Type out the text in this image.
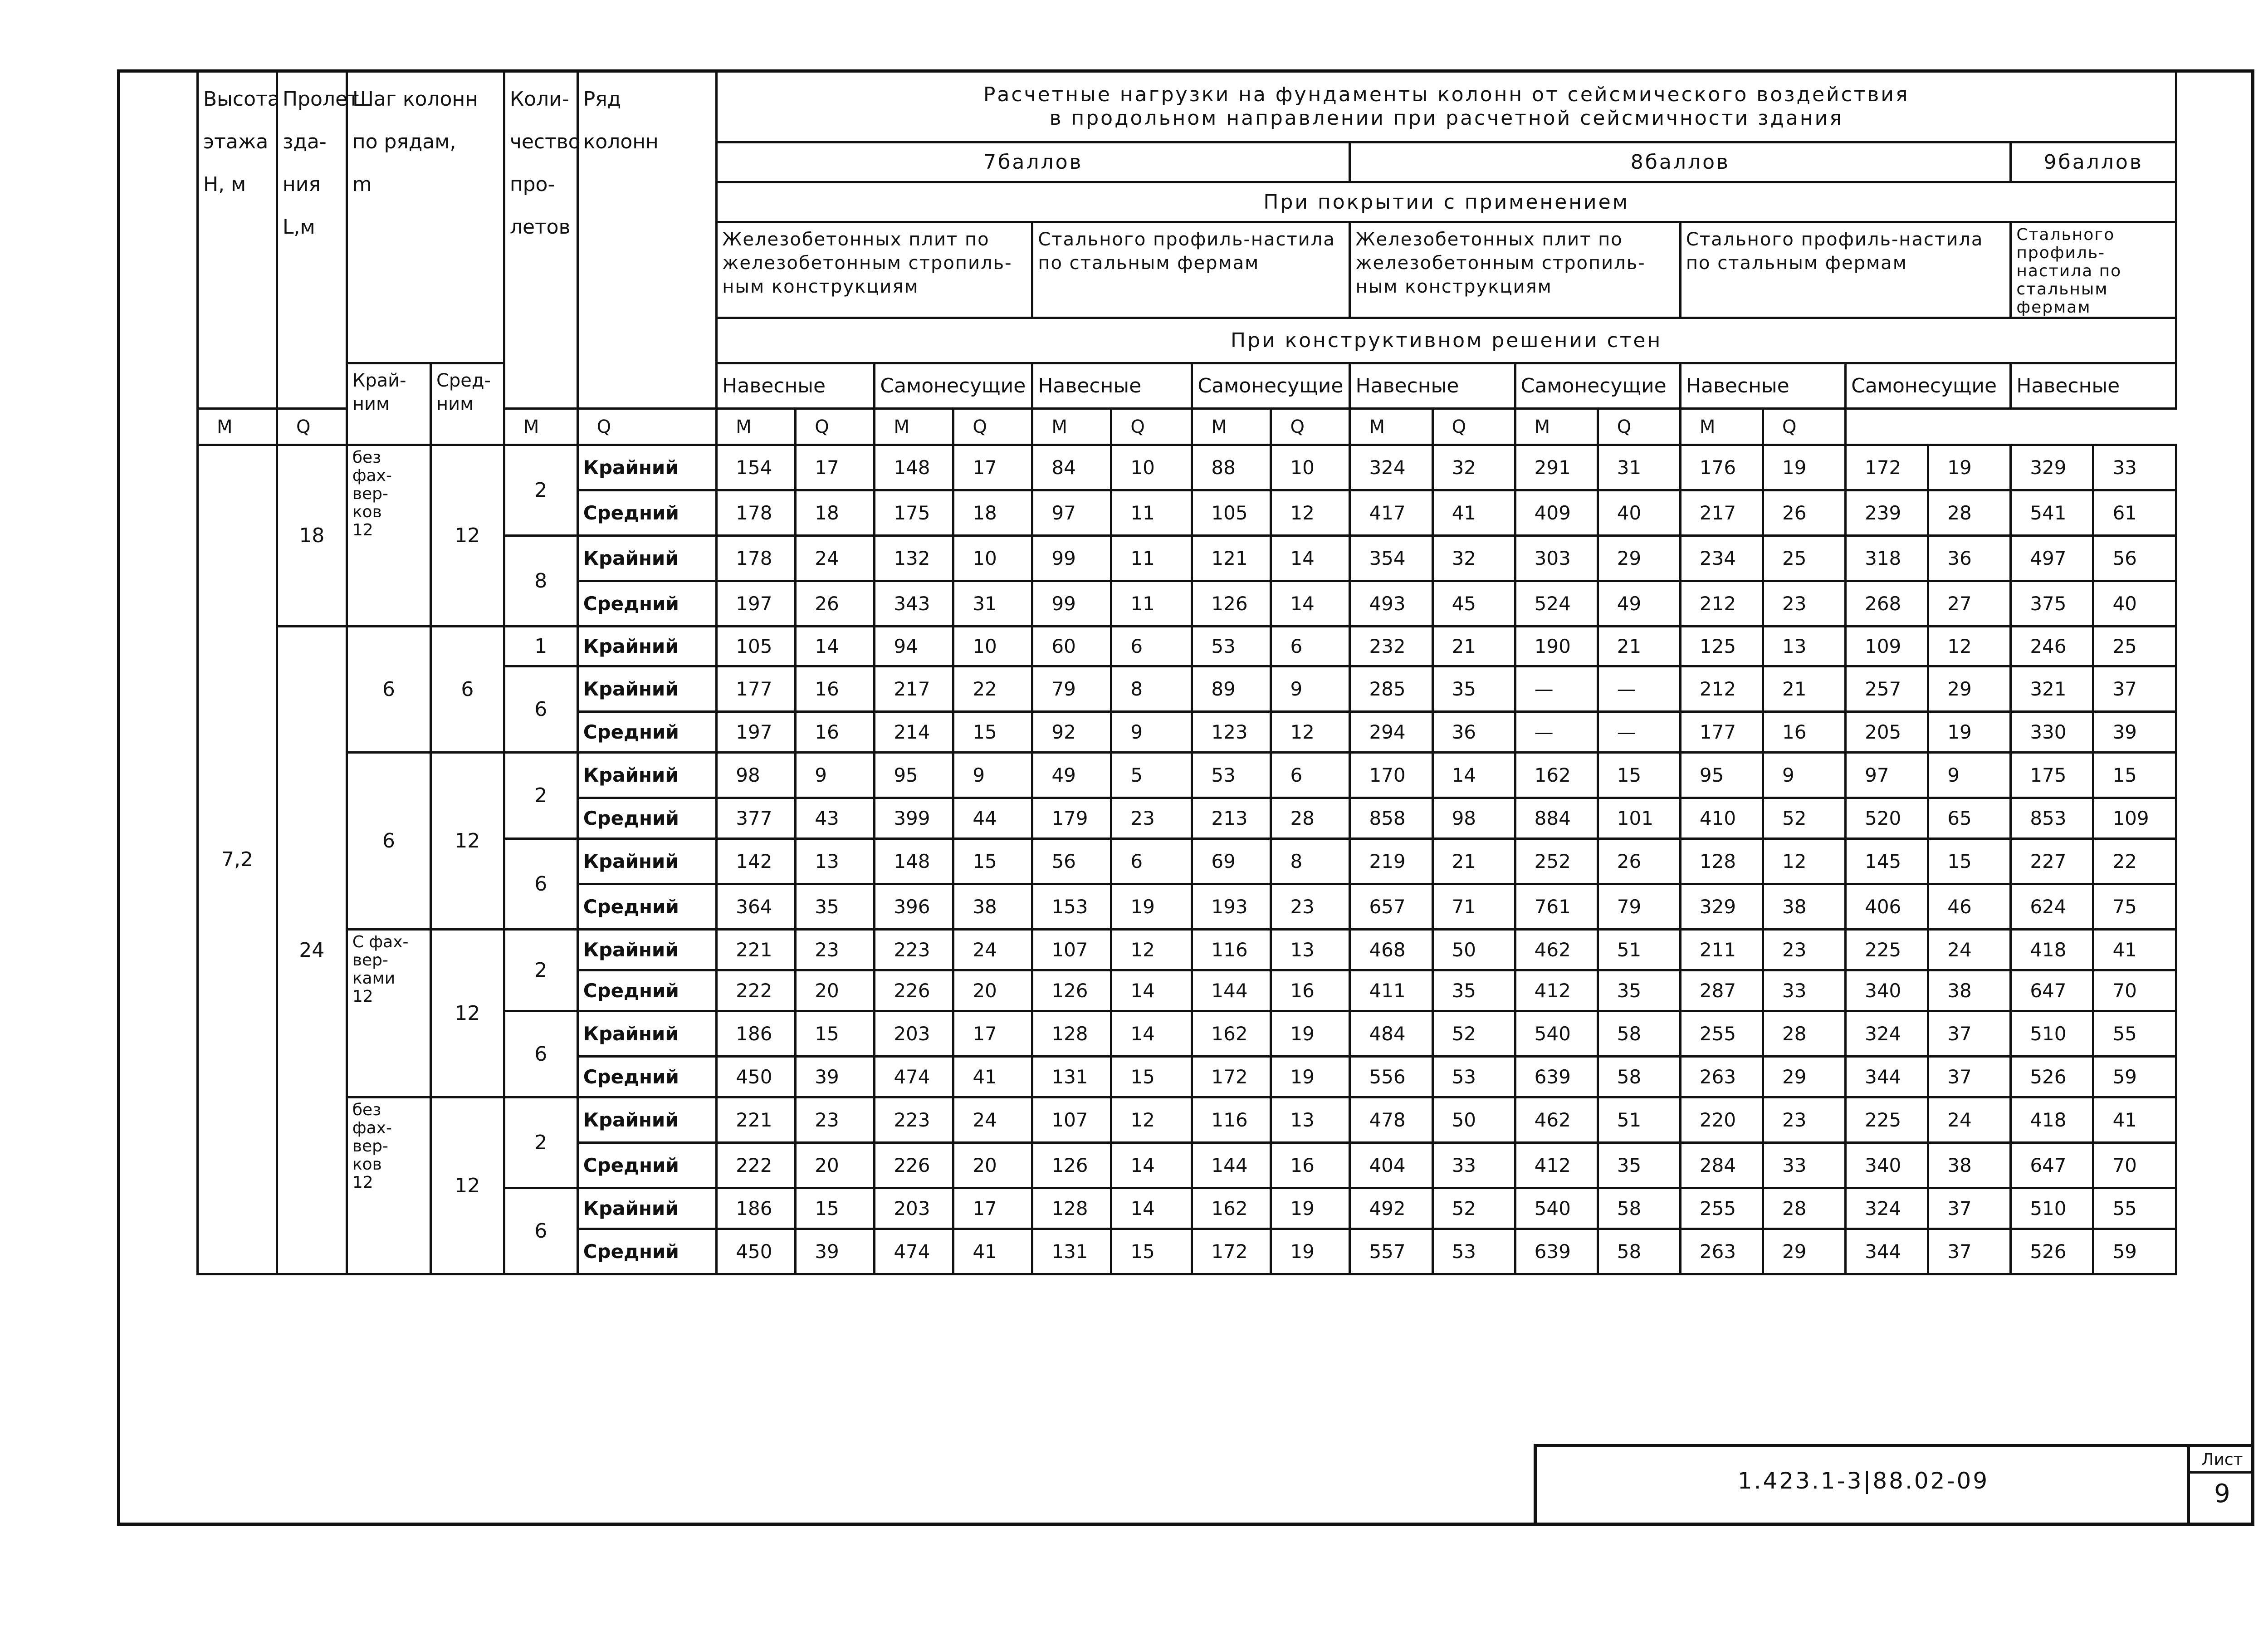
Высота
этажа
Н, м	Пролет
зда-
ния
L,м	Шаг колонн
по рядам,
m		Коли-
чество
про-
летов	Ряд
колонн	Расчетные нагрузки на фундаменты колонн от сейсмического воздействия
в продольном направлении при расчетной сейсмичности здания																	
						7баллов								8баллов								9баллов	
						При покрытии с применением																	
						Железобетонных плит по железобетонным стропиль-ным конструкциям				Стального профиль-настила по стальным фермам				Железобетонных плит по железобетонным стропиль-ным конструкциям				Стального профиль-настила по стальным фермам				Стального профиль-настила по стальным фермам	
						При конструктивном решении стен																	
		Край-
ним	Сред-
ним			Навесные		Самонесущие		Навесные		Самонесущие		Навесные		Самонесущие		Навесные		Самонесущие		Навесные	
M	Q			M	Q	M	Q	M	Q	M	Q	M	Q	M	Q	M	Q	M	Q				
7,2	18	без
фах-
вер-
ков
12	12	2	Крайний	154	17	148	17	84	10	88	10	324	32	291	31	176	19	172	19	329	33
					Средний	178	18	175	18	97	11	105	12	417	41	409	40	217	26	239	28	541	61
				8	Крайний	178	24	132	10	99	11	121	14	354	32	303	29	234	25	318	36	497	56
					Средний	197	26	343	31	99	11	126	14	493	45	524	49	212	23	268	27	375	40
	24	6	6	1	Крайний	105	14	94	10	60	6	53	6	232	21	190	21	125	13	109	12	246	25
				6	Крайний	177	16	217	22	79	8	89	9	285	35	—	—	212	21	257	29	321	37
					Средний	197	16	214	15	92	9	123	12	294	36	—	—	177	16	205	19	330	39
		6	12	2	Крайний	98	9	95	9	49	5	53	6	170	14	162	15	95	9	97	9	175	15
					Средний	377	43	399	44	179	23	213	28	858	98	884	101	410	52	520	65	853	109
				6	Крайний	142	13	148	15	56	6	69	8	219	21	252	26	128	12	145	15	227	22
					Средний	364	35	396	38	153	19	193	23	657	71	761	79	329	38	406	46	624	75
		С фах-
вер-
ками
12	12	2	Крайний	221	23	223	24	107	12	116	13	468	50	462	51	211	23	225	24	418	41
					Средний	222	20	226	20	126	14	144	16	411	35	412	35	287	33	340	38	647	70
				6	Крайний	186	15	203	17	128	14	162	19	484	52	540	58	255	28	324	37	510	55
					Средний	450	39	474	41	131	15	172	19	556	53	639	58	263	29	344	37	526	59
		без
фах-
вер-
ков
12	12	2	Крайний	221	23	223	24	107	12	116	13	478	50	462	51	220	23	225	24	418	41
					Средний	222	20	226	20	126	14	144	16	404	33	412	35	284	33	340	38	647	70
				6	Крайний	186	15	203	17	128	14	162	19	492	52	540	58	255	28	324	37	510	55
					Средний	450	39	474	41	131	15	172	19	557	53	639	58	263	29	344	37	526	59
1.423.1-3|88.02-09
Лист
9
